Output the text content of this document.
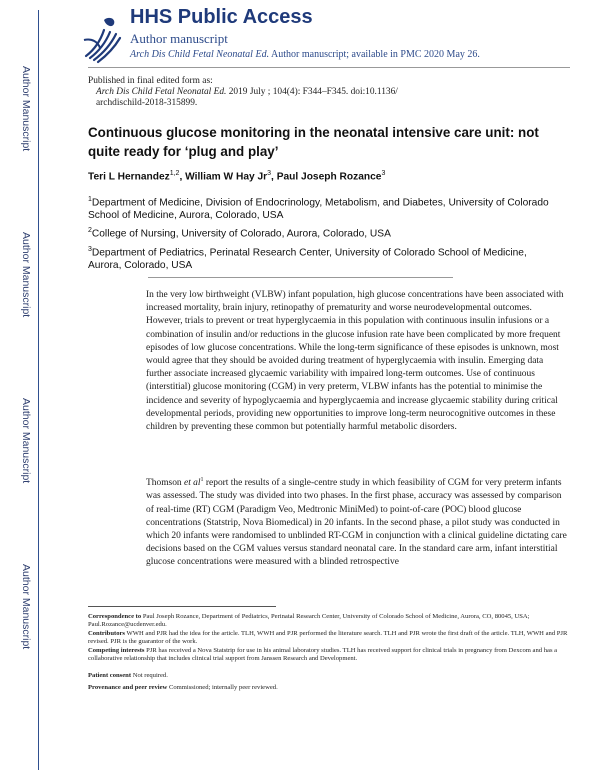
Author Manuscript
Author Manuscript
Author Manuscript
Author Manuscript
HHS Public Access
Author manuscript
Arch Dis Child Fetal Neonatal Ed. Author manuscript; available in PMC 2020 May 26.
Published in final edited form as:
Arch Dis Child Fetal Neonatal Ed. 2019 July ; 104(4): F344–F345. doi:10.1136/
archdischild-2018-315899.
Continuous glucose monitoring in the neonatal intensive care unit: not quite ready for ‘plug and play’
Teri L Hernandez$^{1,2}$, William W Hay Jr$^3$, Paul Joseph Rozance$^3$
$^1$Department of Medicine, Division of Endocrinology, Metabolism, and Diabetes, University of Colorado School of Medicine, Aurora, Colorado, USA
$^2$College of Nursing, University of Colorado, Aurora, Colorado, USA
$^3$Department of Pediatrics, Perinatal Research Center, University of Colorado School of Medicine, Aurora, Colorado, USA
In the very low birthweight (VLBW) infant population, high glucose concentrations have been associated with increased mortality, brain injury, retinopathy of prematurity and worse neurodevelopmental outcomes. However, trials to prevent or treat hyperglycaemia in this population with continuous insulin infusions or a combination of insulin and/or reductions in the glucose infusion rate have been complicated by more frequent episodes of low glucose concentrations. While the long-term significance of these episodes is unknown, most would agree that they should be avoided during treatment of hyperglycaemia with insulin. Emerging data further associate increased glycaemic variability with impaired long-term outcomes. Use of continuous (interstitial) glucose monitoring (CGM) in very preterm, VLBW infants has the potential to minimise the incidence and severity of hypoglycaemia and hyperglycaemia and increase glycaemic stability during critical developmental periods, providing new opportunities to improve long-term neurocognitive outcomes in these children by preventing these common but potentially harmful metabolic disorders.
Thomson et $al^1$ report the results of a single-centre study in which feasibility of CGM for very preterm infants was assessed. The study was divided into two phases. In the first phase, accuracy was assessed by comparison of real-time (RT) CGM (Paradigm Veo, Medtronic MiniMed) to point-of-care (POC) blood glucose concentrations (Statstrip, Nova Biomedical) in 20 infants. In the second phase, a pilot study was conducted in which 20 infants were randomised to unblinded RT-CGM in conjunction with a clinical guideline dictating care decisions based on the CGM values versus standard neonatal care. In the standard care arm, infant interstitial glucose concentrations were measured with a blinded retrospective
Correspondence to Paul Joseph Rozance, Department of Pediatrics, Perinatal Research Center, University of Colorado School of Medicine, Aurora, CO, 80045, USA; Paul.Rozance@ucdenver.edu.
Contributors WWH and PJR had the idea for the article. TLH, WWH and PJR performed the literature search. TLH and PJR wrote the first draft of the article. TLH, WWH and PJR revised. PJR is the guarantor of the work.
Competing interests PJR has received a Nova Statstrip for use in his animal laboratory studies. TLH has received support for clinical trials in pregnancy from Dexcom and has a collaborative relationship that includes clinical trial support from Janssen Research and Development.
Patient consent Not required.
Provenance and peer review Commissioned; internally peer reviewed.
